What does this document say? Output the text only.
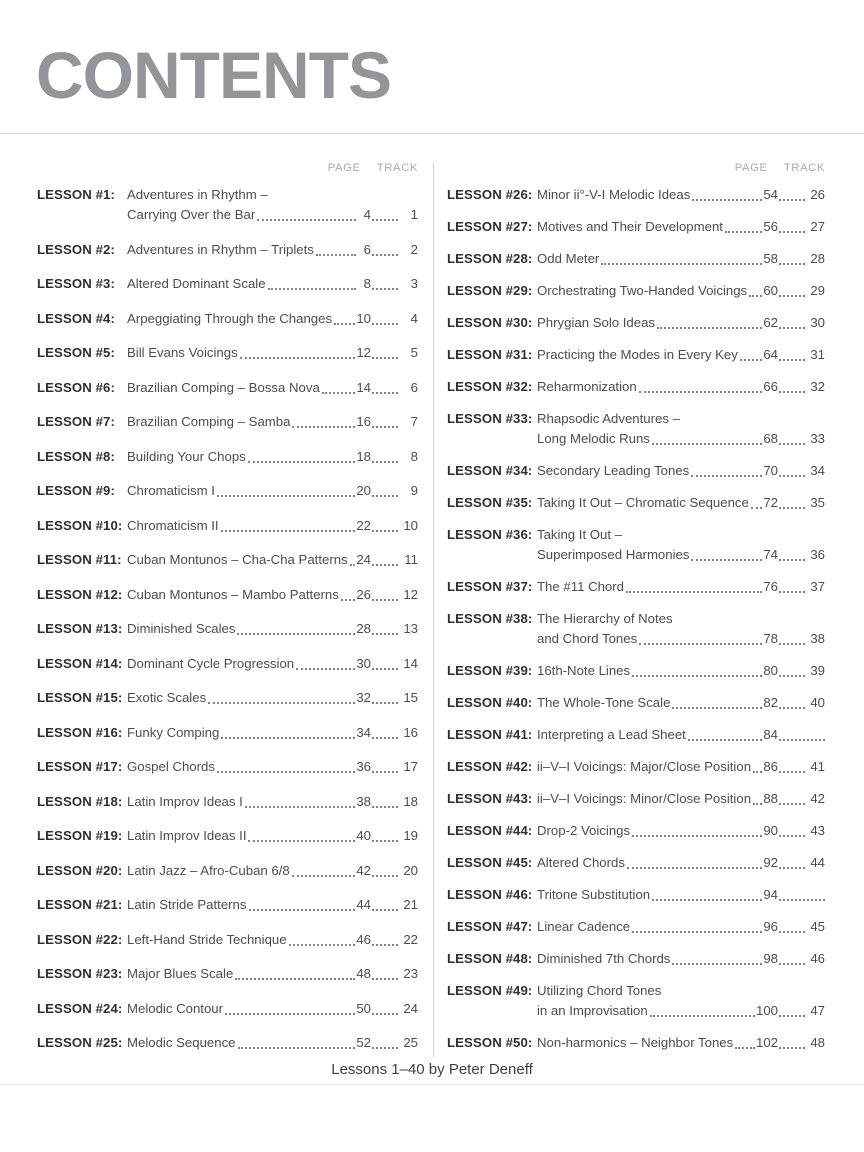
CONTENTS
PAGE TRACK
LESSON #1: Adventures in Rhythm –
Carrying Over the Bar	4	1
LESSON #2: Adventures in Rhythm – Triplets	6	2
LESSON #3: Altered Dominant Scale	8	3
LESSON #4: Arpeggiating Through the Changes 10	4
LESSON #5: Bill Evans Voicings	12	5
LESSON #6: Brazilian Comping – Bossa Nova	14	6
LESSON #7: Brazilian Comping – Samba	16	7
LESSON #8: Building Your Chops	18	8
LESSON #9: Chromaticism I	20	9
LESSON #10: Chromaticism II	22 10
LESSON #11: Cuban Montunos – Cha-Cha Patterns 24	11
LESSON #12: Cuban Montunos – Mambo Patterns 26 12
LESSON #13: Diminished Scales	28 13
LESSON #14: Dominant Cycle Progression	30 14
LESSON #15: Exotic Scales	32 15
LESSON #16: Funky Comping	34 16
LESSON #17: Gospel Chords	36 17
LESSON #18: Latin Improv Ideas I	38 18
LESSON #19: Latin Improv Ideas II	40 19
LESSON #20: Latin Jazz – Afro-Cuban 6/8	42 20
LESSON #21: Latin Stride Patterns	44 21
LESSON #22: Left-Hand Stride Technique	46 22
LESSON #23: Major Blues Scale	48 23
LESSON #24: Melodic Contour	50 24
LESSON #25: Melodic Sequence	52 25
PAGE TRACK
LESSON #26: Minor ii°-V-I Melodic Ideas	54 26
LESSON #27: Motives and Their Development	56 27
LESSON #28: Odd Meter	58 28
LESSON #29: Orchestrating Two-Handed Voicings 60 29
LESSON #30: Phrygian Solo Ideas	62 30
LESSON #31: Practicing the Modes in Every Key 64 31
LESSON #32: Reharmonization	66 32
LESSON #33: Rhapsodic Adventures –
Long Melodic Runs	68 33
LESSON #34: Secondary Leading Tones	70 34
LESSON #35: Taking It Out – Chromatic Sequence 72 35
LESSON #36: Taking It Out –
Superimposed Harmonies	74 36
LESSON #37: The #11 Chord	76 37
LESSON #38: The Hierarchy of Notes
and Chord Tones	78 38
LESSON #39: 16th-Note Lines	80 39
LESSON #40: The Whole-Tone Scale	82 40
LESSON #41: Interpreting a Lead Sheet	84
LESSON #42: ii–V–I Voicings: Major/Close Position 86 41
LESSON #43: ii–V–I Voicings: Minor/Close Position 88 42
LESSON #44: Drop-2 Voicings	90 43
LESSON #45: Altered Chords	92 44
LESSON #46: Tritone Substitution	94
LESSON #47: Linear Cadence	96 45
LESSON #48: Diminished 7th Chords	98 46
LESSON #49: Utilizing Chord Tones
in an Improvisation	100 47
LESSON #50: Non-harmonics – Neighbor Tones 102 48
Lessons 1–40 by Peter Deneff
